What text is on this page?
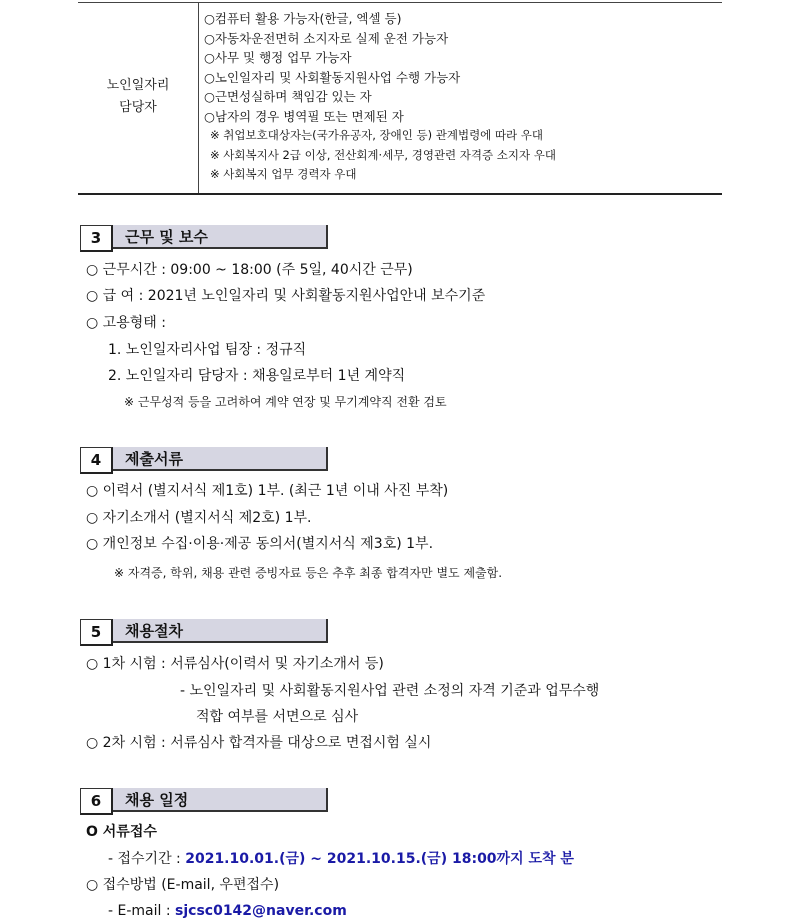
노인일자리
담당자
○컴퓨터 활용 가능자(한글, 엑셀 등)
○자동차운전면허 소지자로 실제 운전 가능자
○사무 및 행정 업무 가능자
○노인일자리 및 사회활동지원사업 수행 가능자
○근면성실하며 책임감 있는 자
○남자의 경우 병역필 또는 면제된 자
※ 취업보호대상자는(국가유공자, 장애인 등) 관계법령에 따라 우대
※ 사회복지사 2급 이상, 전산회계·세무, 경영관련 자격증 소지자 우대
※ 사회복지 업무 경력자 우대
3	근무 및 보수
○ 근무시간 : 09:00 ~ 18:00 (주 5일, 40시간 근무)
○ 급 여 : 2021년 노인일자리 및 사회활동지원사업안내 보수기준
○ 고용형태 :
1. 노인일자리사업 팀장 : 정규직
2. 노인일자리 담당자 : 채용일로부터 1년 계약직
※ 근무성적 등을 고려하여 계약 연장 및 무기계약직 전환 검토
4	제출서류
○ 이력서 (별지서식 제1호) 1부. (최근 1년 이내 사진 부착)
○ 자기소개서 (별지서식 제2호) 1부.
○ 개인정보 수집·이용·제공 동의서(별지서식 제3호) 1부.
※ 자격증, 학위, 채용 관련 증빙자료 등은 추후 최종 합격자만 별도 제출함.
5	채용절차
○ 1차 시험 : 서류심사(이력서 및 자기소개서 등)
- 노인일자리 및 사회활동지원사업 관련 소정의 자격 기준과 업무수행
적합 여부를 서면으로 심사
○ 2차 시험 : 서류심사 합격자를 대상으로 면접시험 실시
6	채용 일정
O 서류접수
- 접수기간 : 2021.10.01.(금) ~ 2021.10.15.(금) 18:00까지 도착 분
○ 접수방법 (E-mail, 우편접수)
- E-mail : sjcsc0142@naver.com
